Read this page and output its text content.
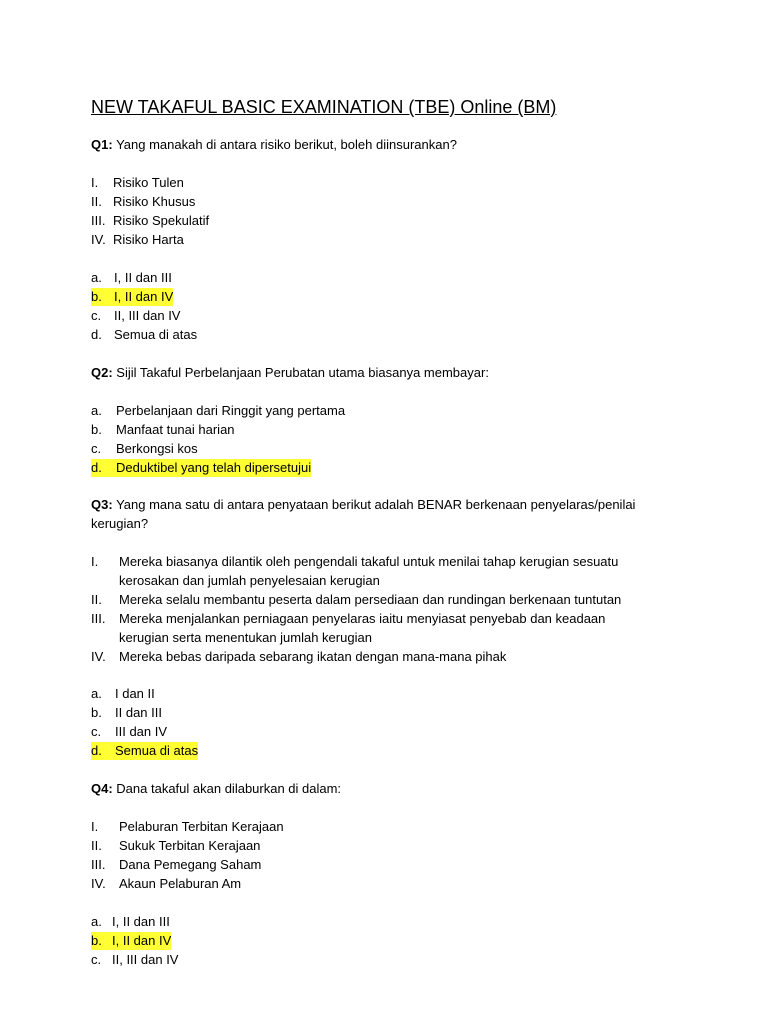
NEW TAKAFUL BASIC EXAMINATION (TBE) Online (BM)
Q1: Yang manakah di antara risiko berikut, boleh diinsurankan?
I. Risiko Tulen
II. Risiko Khusus
III. Risiko Spekulatif
IV. Risiko Harta
a. I, II dan III
b. I, II dan IV
c. II, III dan IV
d. Semua di atas
Q2: Sijil Takaful Perbelanjaan Perubatan utama biasanya membayar:
a. Perbelanjaan dari Ringgit yang pertama
b. Manfaat tunai harian
c. Berkongsi kos
d. Deduktibel yang telah dipersetujui
Q3: Yang mana satu di antara penyataan berikut adalah BENAR berkenaan penyelaras/penilai
kerugian?
I. Mereka biasanya dilantik oleh pengendali takaful untuk menilai tahap kerugian sesuatu
kerosakan dan jumlah penyelesaian kerugian
II. Mereka selalu membantu peserta dalam persediaan dan rundingan berkenaan tuntutan
III. Mereka menjalankan perniagaan penyelaras iaitu menyiasat penyebab dan keadaan
kerugian serta menentukan jumlah kerugian
IV. Mereka bebas daripada sebarang ikatan dengan mana-mana pihak
a. I dan II
b. II dan III
c. III dan IV
d. Semua di atas
Q4: Dana takaful akan dilaburkan di dalam:
I. Pelaburan Terbitan Kerajaan
II. Sukuk Terbitan Kerajaan
III. Dana Pemegang Saham
IV. Akaun Pelaburan Am
a. I, II dan III
b. I, II dan IV
c. II, III dan IV
